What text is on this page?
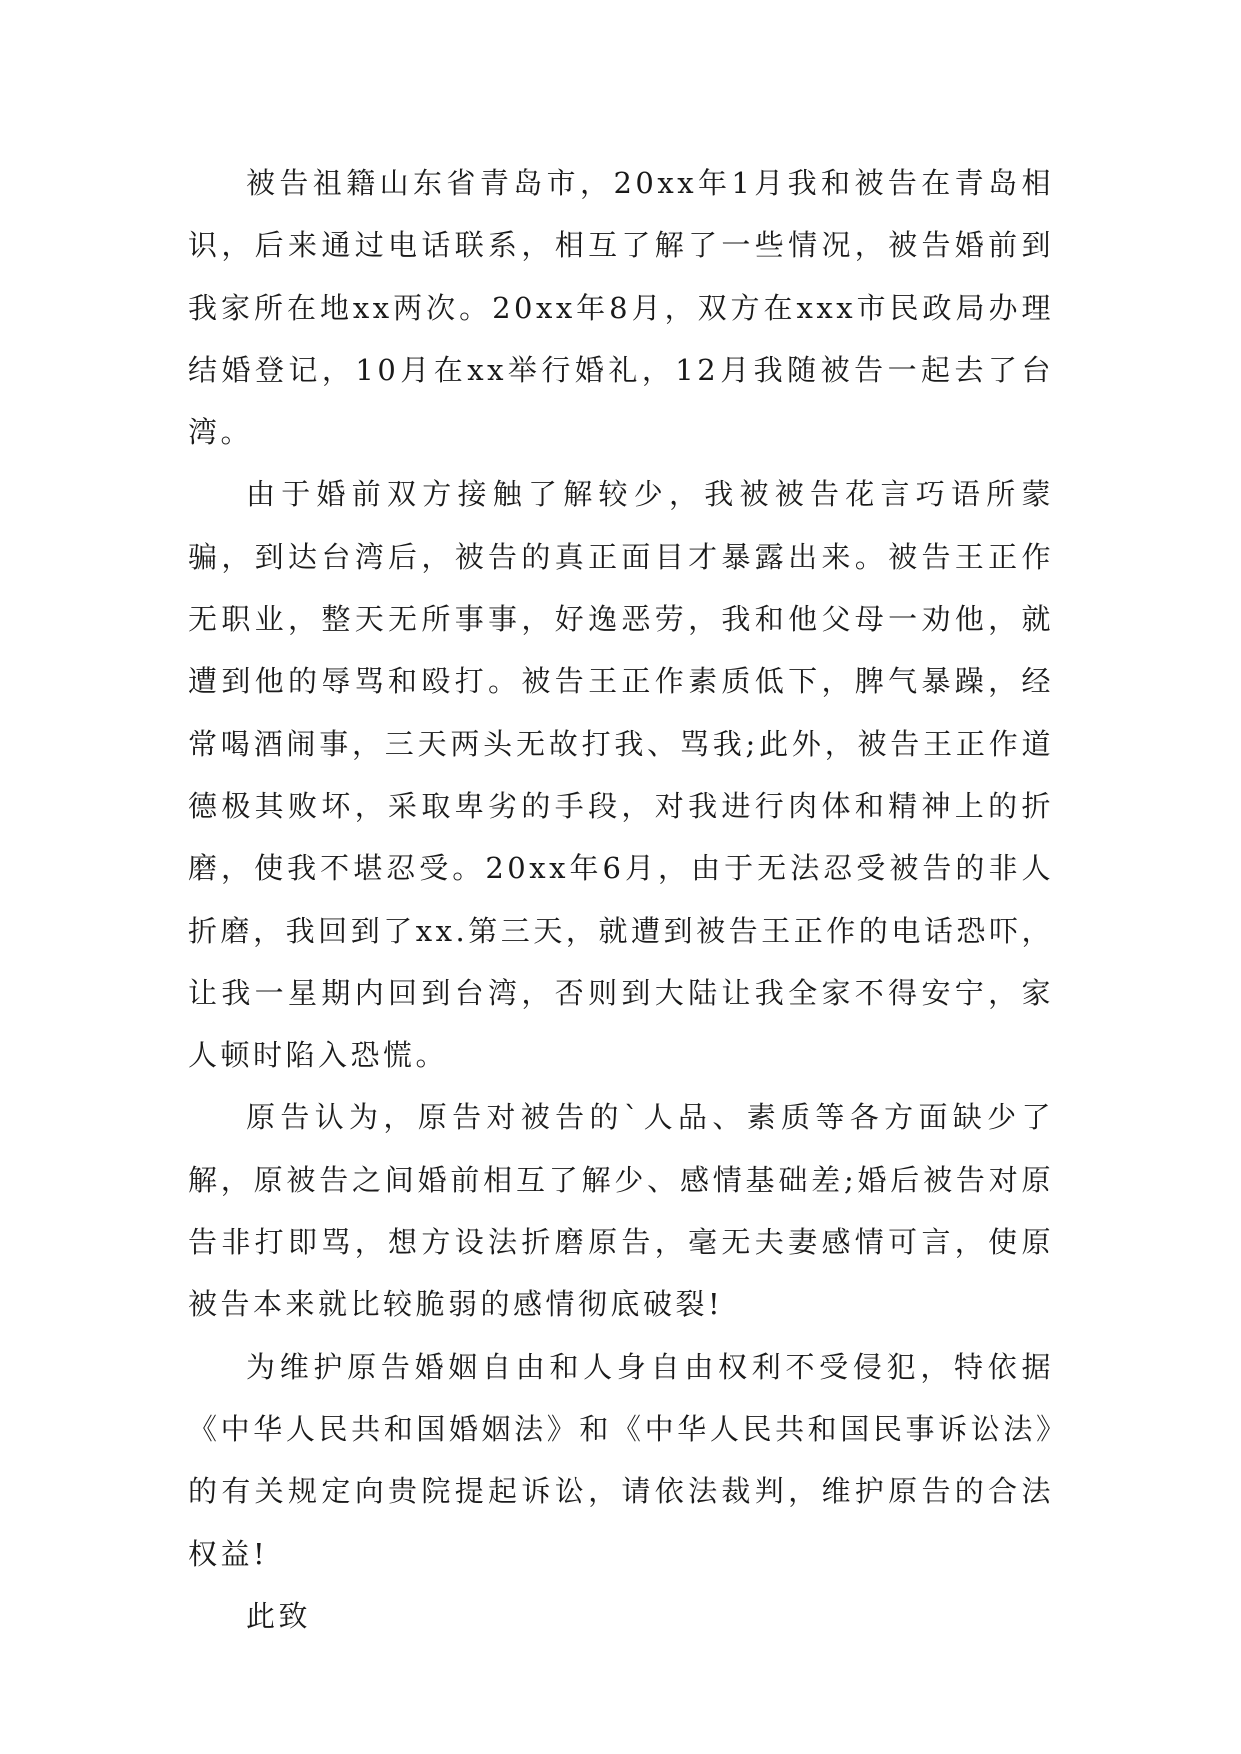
被告祖籍山东省青岛市，20xx年1月我和被告在青岛相识，后来通过电话联系，相互了解了一些情况，被告婚前到我家所在地xx两次。20xx年8月，双方在xxx市民政局办理结婚登记，10月在xx举行婚礼，12月我随被告一起去了台湾。

由于婚前双方接触了解较少，我被被告花言巧语所蒙骗，到达台湾后，被告的真正面目才暴露出来。被告王正作无职业，整天无所事事，好逸恶劳，我和他父母一劝他，就遭到他的辱骂和殴打。被告王正作素质低下，脾气暴躁，经常喝酒闹事，三天两头无故打我、骂我;此外，被告王正作道德极其败坏，采取卑劣的手段，对我进行肉体和精神上的折磨，使我不堪忍受。20xx年6月，由于无法忍受被告的非人折磨，我回到了xx.第三天，就遭到被告王正作的电话恐吓，让我一星期内回到台湾，否则到大陆让我全家不得安宁，家人顿时陷入恐慌。

原告认为，原告对被告的`人品、素质等各方面缺少了解，原被告之间婚前相互了解少、感情基础差;婚后被告对原告非打即骂，想方设法折磨原告，毫无夫妻感情可言，使原被告本来就比较脆弱的感情彻底破裂!

为维护原告婚姻自由和人身自由权利不受侵犯，特依据《中华人民共和国婚姻法》和《中华人民共和国民事诉讼法》的有关规定向贵院提起诉讼，请依法裁判，维护原告的合法权益!

此致
